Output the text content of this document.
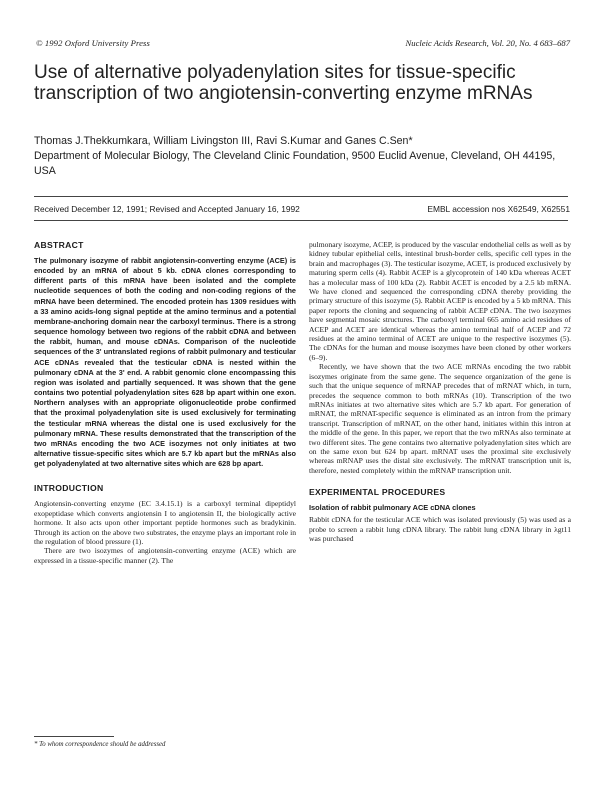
© 1992 Oxford University Press	Nucleic Acids Research, Vol. 20, No. 4 683–687
Use of alternative polyadenylation sites for tissue-specific
transcription of two angiotensin-converting enzyme mRNAs
Thomas J.Thekkumkara, William Livingston III, Ravi S.Kumar and Ganes C.Sen*
Department of Molecular Biology, The Cleveland Clinic Foundation, 9500 Euclid Avenue, Cleveland, OH 44195, USA
Received December 12, 1991; Revised and Accepted January 16, 1992	EMBL accession nos X62549, X62551
ABSTRACT

The pulmonary isozyme of rabbit angiotensin-converting enzyme (ACE) is encoded by an mRNA of about 5 kb. cDNA clones corresponding to different parts of this mRNA have been isolated and the complete nucleotide sequences of both the coding and non-coding regions of the mRNA have been determined. The encoded protein has 1309 residues with a 33 amino acids-long signal peptide at the amino terminus and a potential membrane-anchoring domain near the carboxyl terminus. There is a strong sequence homology between two regions of the rabbit cDNA and between the rabbit, human, and mouse cDNAs. Comparison of the nucleotide sequences of the 3' untranslated regions of rabbit pulmonary and testicular ACE cDNAs revealed that the testicular cDNA is nested within the pulmonary cDNA at the 3' end. A rabbit genomic clone encompassing this region was isolated and partially sequenced. It was shown that the gene contains two potential polyadenylation sites 628 bp apart within one exon. Northern analyses with an appropriate oligonucleotide probe confirmed that the proximal polyadenylation site is used exclusively for terminating the testicular mRNA whereas the distal one is used exclusively for the pulmonary mRNA. These results demonstrated that the transcription of the two mRNAs encoding the two ACE isozymes not only initiates at two alternative tissue-specific sites which are 5.7 kb apart but the mRNAs also get polyadenylated at two alternative sites which are 628 bp apart.

INTRODUCTION

Angiotensin-converting enzyme (EC 3.4.15.1) is a carboxyl terminal dipeptidyl exopeptidase which converts angiotensin I to angiotensin II, the biologically active hormone. It also acts upon other important peptide hormones such as bradykinin. Through its action on the above two substrates, the enzyme plays an important role in the regulation of blood pressure (1).

There are two isozymes of angiotensin-converting enzyme (ACE) which are expressed in a tissue-specific manner (2). The

pulmonary isozyme, ACEP, is produced by the vascular endothelial cells as well as by kidney tubular epithelial cells, intestinal brush-border cells, specific cell types in the brain and macrophages (3). The testicular isozyme, ACET, is produced exclusively by maturing sperm cells (4). Rabbit ACEP is a glycoprotein of 140 kDa whereas ACET has a molecular mass of 100 kDa (2). Rabbit ACET is encoded by a 2.5 kb mRNA. We have cloned and sequenced the corresponding cDNA thereby providing the primary structure of this isozyme (5). Rabbit ACEP is encoded by a 5 kb mRNA. This paper reports the cloning and sequencing of rabbit ACEP cDNA. The two isozymes have segmental mosaic structures. The carboxyl terminal 665 amino acid residues of ACEP and ACET are identical whereas the amino terminal half of ACEP and 72 residues at the amino terminal of ACET are unique to the respective isozymes (5). The cDNAs for the human and mouse isozymes have been cloned by other workers (6–9).

Recently, we have shown that the two ACE mRNAs encoding the two rabbit isozymes originate from the same gene. The sequence organization of the gene is such that the unique sequence of mRNAP precedes that of mRNAT which, in turn, precedes the sequence common to both mRNAs (10). Transcription of the two mRNAs initiates at two alternative sites which are 5.7 kb apart. For generation of mRNAT, the mRNAT-specific sequence is eliminated as an intron from the primary transcript. Transcription of mRNAT, on the other hand, initiates within this intron at the middle of the gene. In this paper, we report that the two mRNAs also terminate at two different sites. The gene contains two alternative polyadenylation sites which are on the same exon but 624 bp apart. mRNAT uses the proximal site exclusively whereas mRNAP uses the distal site exclusively. The mRNAT transcription unit is, therefore, nested completely within the mRNAP transcription unit.

EXPERIMENTAL PROCEDURES
Isolation of rabbit pulmonary ACE cDNA clones

Rabbit cDNA for the testicular ACE which was isolated previously (5) was used as a probe to screen a rabbit lung cDNA library. The rabbit lung cDNA library in λgt11 was purchased

* To whom correspondence should be addressed
